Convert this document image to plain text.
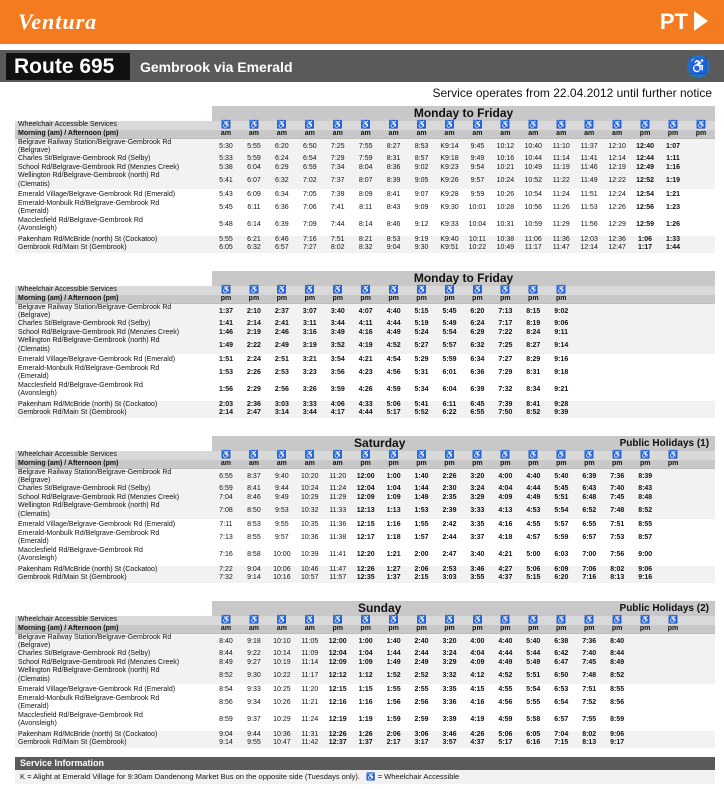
Ventura	PT
Route 695 Gembrook via Emerald	♿
Service operates from 22.04.2012 until further notice
	Monday to Friday																	
Wheelchair Accessible Services	♿	♿	♿	♿	♿	♿	♿	♿	♿	♿	♿	♿	♿	♿	♿	♿	♿	♿
Morning (am) / Afternoon (pm)	am	am	am	am	am	am	am	am	am	am	am	am	am	am	am	pm	pm	pm
Belgrave Railway Station/Belgrave-Gembrook Rd	5:30	5:55	6:20	6:50	7:25	7:55	8:27	8:53	K9:14	9:45	10:12	10:40	11:10	11:37	12:10	12:40	1:07	
(Belgrave)																		
Charles St/Belgrave-Gembrook Rd (Selby)	5:33	5:59	6:24	6:54	7:29	7:59	8:31	8:57	K9:18	9:49	10:16	10:44	11:14	11:41	12:14	12:44	1:11	
School Rd/Belgrave-Gembrook Rd (Menzies Creek)	5:38	6:04	6:29	6:59	7:34	8:04	8:36	9:02	K9:23	9:54	10:21	10:49	11:19	11:46	12:19	12:49	1:16	
Wellington Rd/Belgrave-Gembrook (north) Rd	5:41	6:07	6:32	7:02	7:37	8:07	8:39	9:05	K9:26	9:57	10:24	10:52	11:22	11:49	12:22	12:52	1:19	
(Clematis)																		

Emerald Village/Belgrave-Gembrook Rd (Emerald)	5:43	6:09	6:34	7:05	7:39	8:09	8:41	9:07	K9:28	9:59	10:26	10:54	11:24	11:51	12:24	12:54	1:21	
Emerald-Monbulk Rd/Belgrave-Gembrook Rd	5:45	6:11	6:36	7:06	7:41	8:11	8:43	9:09	K9:30	10:01	10:28	10:56	11:26	11:53	12:26	12:56	1:23	
(Emerald)																		
Macclesfield Rd/Belgrave-Gembrook Rd	5:48	6:14	6:39	7:09	7:44	8:14	8:46	9:12	K9:33	10:04	10:31	10:59	11:29	11:56	12:29	12:59	1:26	
(Avonsleigh)																		

Pakenham Rd/McBride (north) St (Cockatoo)	5:55	6:21	6:46	7:16	7:51	8:21	8:53	9:19	K9:40	10:11	10:38	11:06	11:36	12:03	12:36	1:06	1:33	
Gembrook Rd/Main St (Gembrook)	6:05	6:32	6:57	7:27	8:02	8:32	9:04	9:30	K9:51	10:22	10:49	11:17	11:47	12:14	12:47	1:17	1:44	
	Monday to Friday																	
Wheelchair Accessible Services	♿	♿	♿	♿	♿	♿	♿	♿	♿	♿	♿	♿	♿					
Morning (am) / Afternoon (pm)	pm	pm	pm	pm	pm	pm	pm	pm	pm	pm	pm	pm	pm					
Belgrave Railway Station/Belgrave-Gembrook Rd	1:37	2:10	2:37	3:07	3:40	4:07	4:40	5:15	5:45	6:20	7:13	8:15	9:02					
(Belgrave)																		
Charles St/Belgrave-Gembrook Rd (Selby)	1:41	2:14	2:41	3:11	3:44	4:11	4:44	5:19	5:49	6:24	7:17	8:19	9:06					
School Rd/Belgrave-Gembrook Rd (Menzies Creek)	1:46	2:19	2:46	3:16	3:49	4:16	4:49	5:24	5:54	6:29	7:22	8:24	9:11					
Wellington Rd/Belgrave-Gembrook (north) Rd	1:49	2:22	2:49	3:19	3:52	4:19	4:52	5:27	5:57	6:32	7:25	8:27	9:14					
(Clematis)																		

Emerald Village/Belgrave-Gembrook Rd (Emerald)	1:51	2:24	2:51	3:21	3:54	4:21	4:54	5:29	5:59	6:34	7:27	8:29	9:16					
Emerald-Monbulk Rd/Belgrave-Gembrook Rd	1:53	2:26	2:53	3:23	3:56	4:23	4:56	5:31	6:01	6:36	7:29	8:31	9:18					
(Emerald)																		
Macclesfield Rd/Belgrave-Gembrook Rd	1:56	2:29	2:56	3:26	3:59	4:26	4:59	5:34	6:04	6:39	7:32	8:34	9:21					
(Avonsleigh)																		

Pakenham Rd/McBride (north) St (Cockatoo)	2:03	2:36	3:03	3:33	4:06	4:33	5:06	5:41	6:11	6:45	7:39	8:41	9:28					
Gembrook Rd/Main St (Gembrook)	2:14	2:47	3:14	3:44	4:17	4:44	5:17	5:52	6:22	6:55	7:50	8:52	9:39					
	Saturday												Public Holidays (1)					
Wheelchair Accessible Services	♿	♿	♿	♿	♿	♿	♿	♿	♿	♿	♿	♿	♿	♿	♿	♿	♿	
Morning (am) / Afternoon (pm)	am	am	am	am	am	pm	pm	pm	pm	pm	pm	pm	pm	pm	pm	pm	pm	
Belgrave Railway Station/Belgrave-Gembrook Rd	6:55	8:37	9:40	10:20	11:20	12:00	1:00	1:40	2:26	3:20	4:00	4:40	5:40	6:39	7:36	8:39		
(Belgrave)																		
Charles St/Belgrave-Gembrook Rd (Selby)	6:59	8:41	9:44	10:24	11:24	12:04	1:04	1:44	2:30	3:24	4:04	4:44	5:45	6:43	7:40	8:43		
School Rd/Belgrave-Gembrook Rd (Menzies Creek)	7:04	8:46	9:49	10:29	11:29	12:09	1:09	1:49	2:35	3:29	4:09	4:49	5:51	6:48	7:45	8:48		
Wellington Rd/Belgrave-Gembrook (north) Rd	7:08	8:50	9:53	10:32	11:33	12:13	1:13	1:53	2:39	3:33	4:13	4:53	5:54	6:52	7:48	8:52		
(Clematis)																		

Emerald Village/Belgrave-Gembrook Rd (Emerald)	7:11	8:53	9:55	10:35	11:36	12:15	1:16	1:55	2:42	3:35	4:16	4:55	5:57	6:55	7:51	8:55		
Emerald-Monbulk Rd/Belgrave-Gembrook Rd	7:13	8:55	9:57	10:36	11:38	12:17	1:18	1:57	2:44	3:37	4:18	4:57	5:59	6:57	7:53	8:57		
(Emerald)																		
Macclesfield Rd/Belgrave-Gembrook Rd	7:16	8:58	10:00	10:39	11:41	12:20	1:21	2:00	2:47	3:40	4:21	5:00	6:03	7:00	7:56	9:00		
(Avonsleigh)																		

Pakenham Rd/McBride (north) St (Cockatoo)	7:22	9:04	10:06	10:46	11:47	12:26	1:27	2:06	2:53	3:46	4:27	5:06	6:09	7:06	8:02	9:06		
Gembrook Rd/Main St (Gembrook)	7:32	9:14	10:16	10:57	11:57	12:35	1:37	2:15	3:03	3:55	4:37	5:15	6:20	7:16	8:13	9:16		
	Sunday												Public Holidays (2)					
Wheelchair Accessible Services	♿	♿	♿	♿	♿	♿	♿	♿	♿	♿	♿	♿	♿	♿	♿	♿	♿	
Morning (am) / Afternoon (pm)	am	am	am	am	pm	pm	pm	pm	pm	pm	pm	pm	pm	pm	pm	pm	pm	
Belgrave Railway Station/Belgrave-Gembrook Rd	8:40	9:18	10:10	11:05	12:00	1:00	1:40	2:40	3:20	4:00	4:40	5:40	6:38	7:36	8:40			
(Belgrave)																		
Charles St/Belgrave-Gembrook Rd (Selby)	8:44	9:22	10:14	11:09	12:04	1:04	1:44	2:44	3:24	4:04	4:44	5:44	6:42	7:40	8:44			
School Rd/Belgrave-Gembrook Rd (Menzies Creek)	8:49	9:27	10:19	11:14	12:09	1:09	1:49	2:49	3:29	4:09	4:49	5:49	6:47	7:45	8:49			
Wellington Rd/Belgrave-Gembrook (north) Rd	8:52	9:30	10:22	11:17	12:12	1:12	1:52	2:52	3:32	4:12	4:52	5:51	6:50	7:48	8:52			
(Clematis)																		

Emerald Village/Belgrave-Gembrook Rd (Emerald)	8:54	9:33	10:25	11:20	12:15	1:15	1:55	2:55	3:35	4:15	4:55	5:54	6:53	7:51	8:55			
Emerald-Monbulk Rd/Belgrave-Gembrook Rd	8:56	9:34	10:26	11:21	12:16	1:16	1:56	2:56	3:36	4:16	4:56	5:55	6:54	7:52	8:56			
(Emerald)																		
Macclesfield Rd/Belgrave-Gembrook Rd	8:59	9:37	10:29	11:24	12:19	1:19	1:59	2:59	3:39	4:19	4:59	5:58	6:57	7:55	8:59			
(Avonsleigh)																		

Pakenham Rd/McBride (north) St (Cockatoo)	9:04	9:44	10:36	11:31	12:26	1:26	2:06	3:06	3:46	4:26	5:06	6:05	7:04	8:02	9:06			
Gembrook Rd/Main St (Gembrook)	9:14	9:55	10:47	11:42	12:37	1:37	2:17	3:17	3:57	4:37	5:17	6:16	7:15	8:13	9:17			
Service Information
K = Alight at Emerald Village for 9:30am Dandenong Market Bus on the opposite side (Tuesdays only). ♿ = Wheelchair Accessible
